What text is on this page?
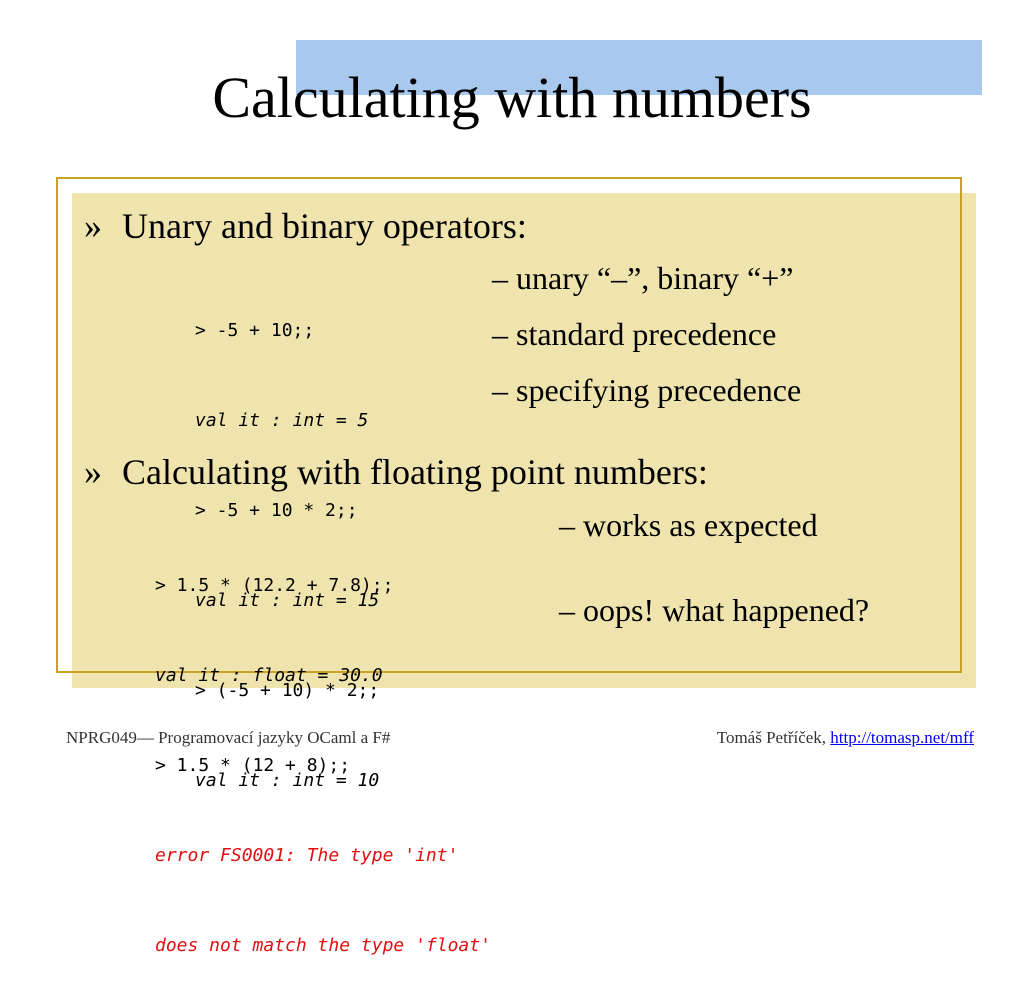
Calculating with numbers
» Unary and binary operators:

> -5 + 10;;

val it : int = 5

> -5 + 10 * 2;;

val it : int = 15

> (-5 + 10) * 2;;

val it : int = 10

– unary “–”, binary “+”
– standard precedence
– specifying precedence
» Calculating with floating point numbers:

> 1.5 * (12.2 + 7.8);;

val it : float = 30.0

> 1.5 * (12 + 8);;

error FS0001: The type 'int'

does not match the type 'float'

– works as expected
– oops! what happened?
NPRG049— Programovací jazyky OCaml a F#	Tomáš Petříček, http://tomasp.net/mff
